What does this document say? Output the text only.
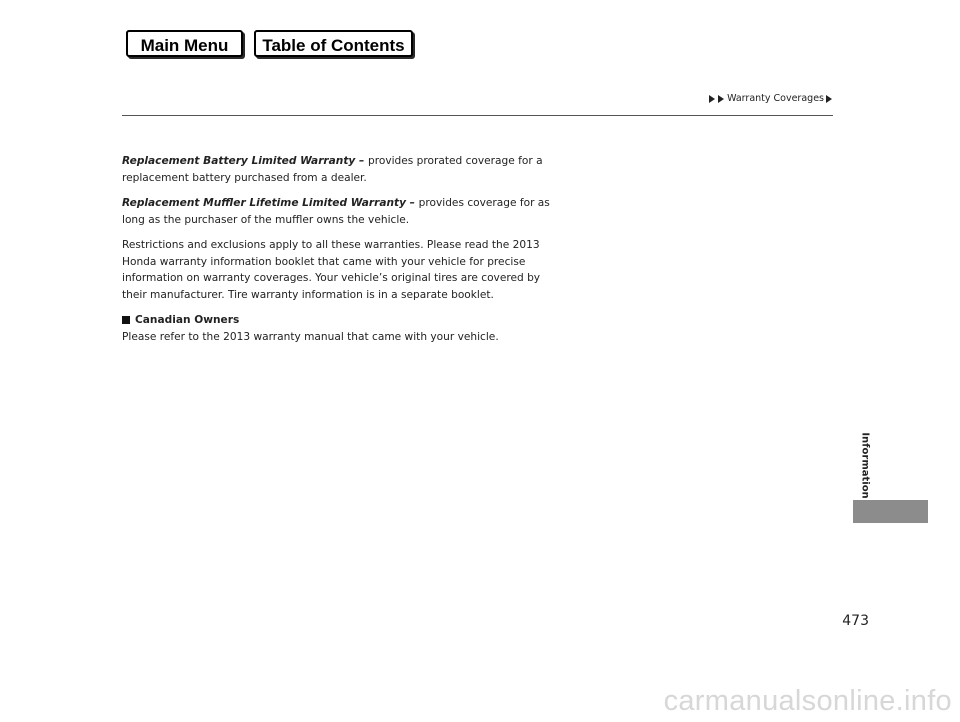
Main Menu	Table of Contents
Warranty Coverages

Replacement Battery Limited Warranty – provides prorated coverage for a replacement battery purchased from a dealer.

Replacement Muffler Lifetime Limited Warranty – provides coverage for as long as the purchaser of the muffler owns the vehicle.

Restrictions and exclusions apply to all these warranties. Please read the 2013 Honda warranty information booklet that came with your vehicle for precise information on warranty coverages. Your vehicle’s original tires are covered by their manufacturer. Tire warranty information is in a separate booklet.

Canadian Owners

Please refer to the 2013 warranty manual that came with your vehicle.

Information
473
carmanualsonline.info
